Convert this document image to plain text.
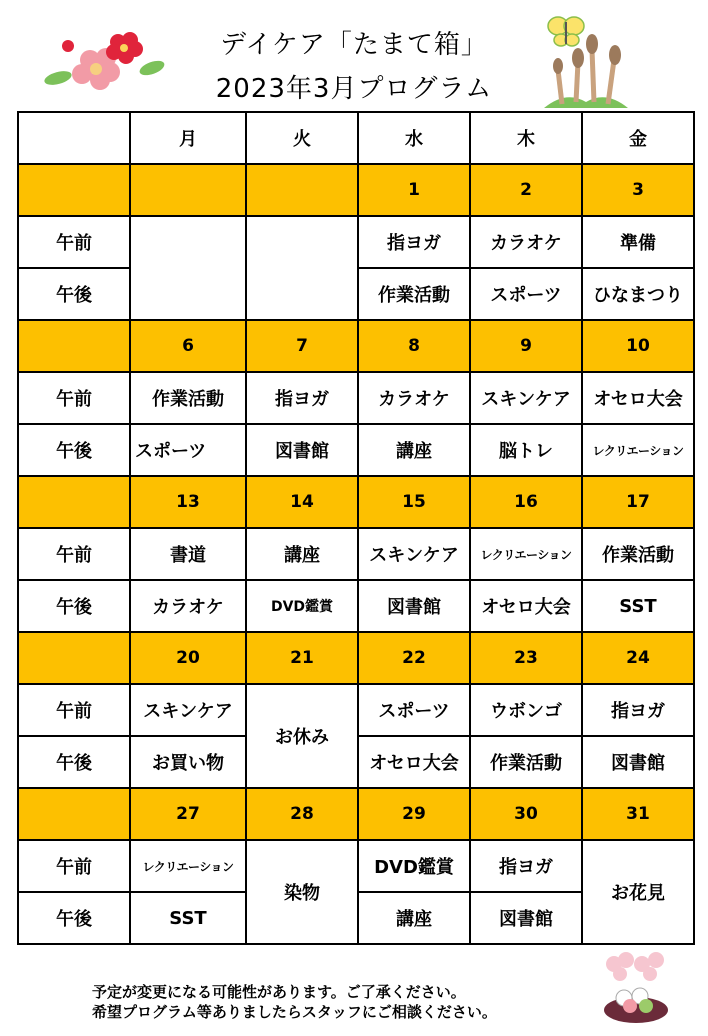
デイケア「たまて箱」
2023年3月プログラム
	月	火	水	木	金
			1	2	3
午前			指ヨガ	カラオケ	準備
午後			作業活動	スポーツ	ひなまつり
	6	7	8	9	10
午前	作業活動	指ヨガ	カラオケ	スキンケア	オセロ大会
午後	スポーツ	図書館	講座	脳トレ	レクリエーション
	13	14	15	16	17
午前	書道	講座	スキンケア	レクリエーション	作業活動
午後	カラオケ	DVD鑑賞	図書館	オセロ大会	SST
	20	21	22	23	24
午前	スキンケア	お休み	スポーツ	ウボンゴ	指ヨガ
午後	お買い物		オセロ大会	作業活動	図書館
	27	28	29	30	31
午前	レクリエーション	染物	DVD鑑賞	指ヨガ	お花見
午後	SST		講座	図書館	
予定が変更になる可能性があります。ご了承ください。
希望プログラム等ありましたらスタッフにご相談ください。
